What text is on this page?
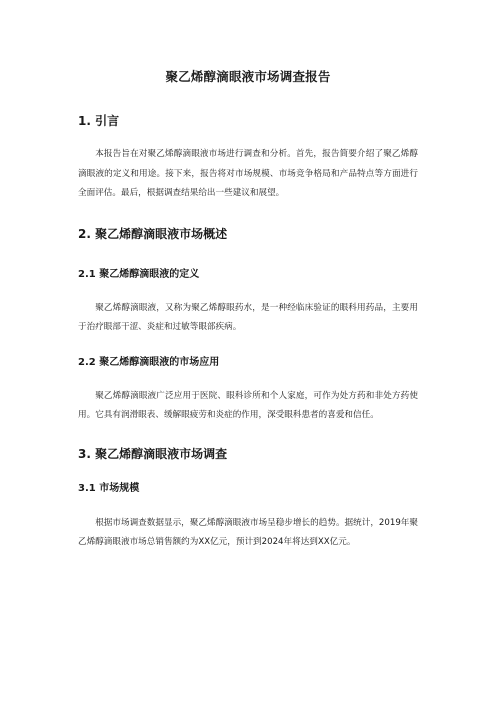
聚乙烯醇滴眼液市场调查报告
1. 引言

本报告旨在对聚乙烯醇滴眼液市场进行调查和分析。首先，报告简要介绍了聚乙烯醇滴眼液的定义和用途。接下来，报告将对市场规模、市场竞争格局和产品特点等方面进行全面评估。最后，根据调查结果给出一些建议和展望。

2. 聚乙烯醇滴眼液市场概述
2.1 聚乙烯醇滴眼液的定义

聚乙烯醇滴眼液，又称为聚乙烯醇眼药水，是一种经临床验证的眼科用药品，主要用于治疗眼部干涩、炎症和过敏等眼部疾病。

2.2 聚乙烯醇滴眼液的市场应用

聚乙烯醇滴眼液广泛应用于医院、眼科诊所和个人家庭，可作为处方药和非处方药使用。它具有润滑眼表、缓解眼疲劳和炎症的作用，深受眼科患者的喜爱和信任。

3. 聚乙烯醇滴眼液市场调查
3.1 市场规模

根据市场调查数据显示，聚乙烯醇滴眼液市场呈稳步增长的趋势。据统计，2019年聚乙烯醇滴眼液市场总销售额约为XX亿元，预计到2024年将达到XX亿元。
